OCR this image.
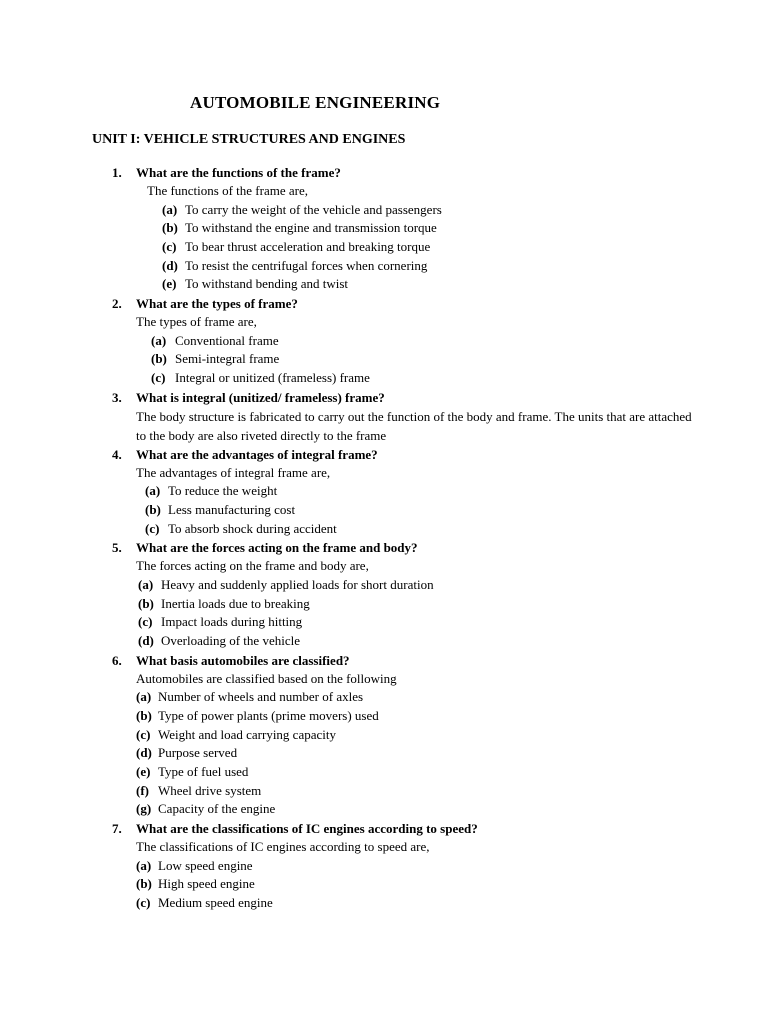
AUTOMOBILE ENGINEERING
UNIT I: VEHICLE STRUCTURES AND ENGINES
1. What are the functions of the frame?
The functions of the frame are,
(a) To carry the weight of the vehicle and passengers
(b) To withstand the engine and transmission torque
(c) To bear thrust acceleration and breaking torque
(d) To resist the centrifugal forces when cornering
(e) To withstand bending and twist
2. What are the types of frame?
The types of frame are,
(a) Conventional frame
(b) Semi-integral frame
(c) Integral or unitized (frameless) frame
3. What is integral (unitized/ frameless) frame?
The body structure is fabricated to carry out the function of the body and frame. The units that are attached to the body are also riveted directly to the frame
4. What are the advantages of integral frame?
The advantages of integral frame are,
(a) To reduce the weight
(b) Less manufacturing cost
(c) To absorb shock during accident
5. What are the forces acting on the frame and body?
The forces acting on the frame and body are,
(a) Heavy and suddenly applied loads for short duration
(b) Inertia loads due to breaking
(c) Impact loads during hitting
(d) Overloading of the vehicle
6. What basis automobiles are classified?
Automobiles are classified based on the following
(a) Number of wheels and number of axles
(b) Type of power plants (prime movers) used
(c) Weight and load carrying capacity
(d) Purpose served
(e) Type of fuel used
(f) Wheel drive system
(g) Capacity of the engine
7. What are the classifications of IC engines according to speed?
The classifications of IC engines according to speed are,
(a) Low speed engine
(b) High speed engine
(c) Medium speed engine
